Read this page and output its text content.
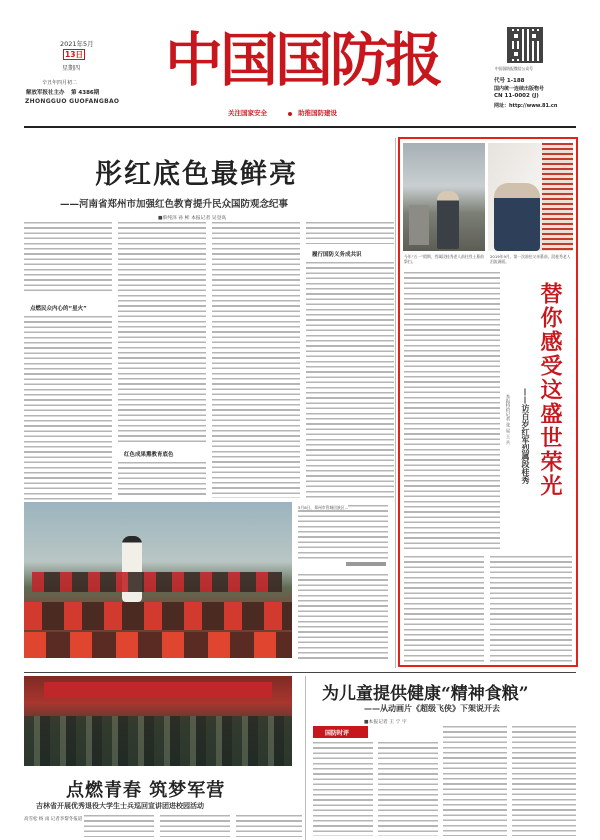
2021年5月
13日
星期四
辛丑年四月初二
解放军报社主办 第 4386期
ZHONGGUO GUOFANGBAO
中国国防报
关注国家安全	助推国防建设
中国国防报微信公众号
代号 1-188
国内统一连续出版物号
CN 11-0002 (J)
网址：http://www.81.cn
彤红底色最鲜亮
——河南省郑州市加强红色教育提升民众国防观念纪事
■蔡纯泽 孙 彬 本报记者 吴登高
点燃民众内心的“星火”
红色成果熏教育底色
履行国防义务成共识
5月8日，郑州市管城回族区…
今年“五一”假期，烈属段桂秀老人前往烈士墓前祭扫。
2019年9月，第一次前往父亲墓前，段桂秀老人泪流满面。
替你感受这盛世荣光
——访百岁红军烈属段桂秀
本报特约记者 张 星 王 兵
点燃青春 筑梦军营
吉林省开展优秀退役大学生士兵巡回宣讲团进校园活动
高雪松 杨 雨 记者李黎冬报道
为儿童提供健康“精神食粮”
——从动画片《超级飞侠》下架说开去
■本报记者 王 宁 宇
国防时评
